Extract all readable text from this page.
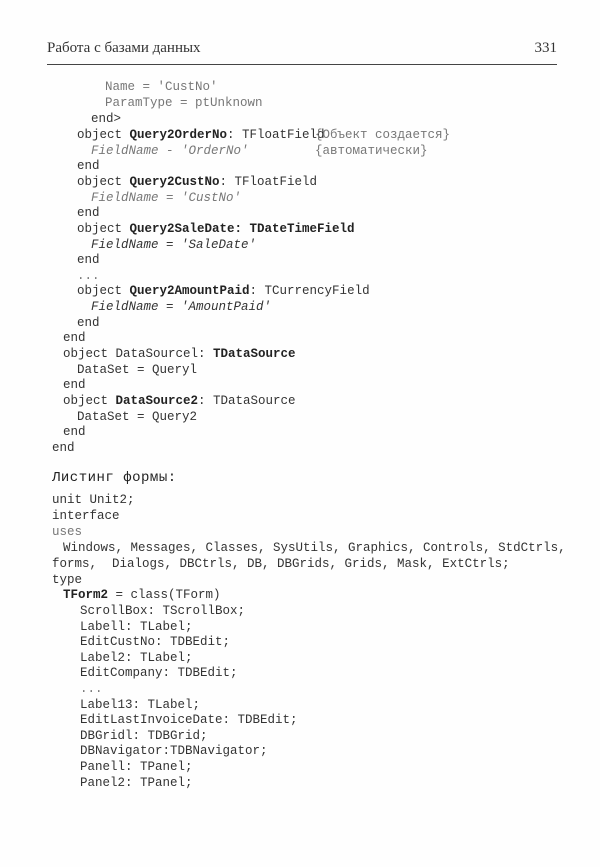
Работа с базами данных	331
Name = 'CustNo'
ParamType = ptUnknown
end>
object Query2OrderNo: TFloatField
{Объект создается}
FieldName - 'OrderNo'	{автоматически}
end
object Query2CustNo: TFloatField
FieldName = 'CustNo'
end
object Query2SaleDate: TDateTimeField
FieldName = 'SaleDate'
end
...
object Query2AmountPaid: TCurrencyField
FieldName = 'AmountPaid'
end
end
object DataSourcel: TDataSource
DataSet = Queryl
end
object DataSource2: TDataSource
DataSet = Query2
end
end
unit Unit2;
interface
uses
Windows, Messages, Classes, SysUtils, Graphics, Controls, StdCtrls,
forms,  Dialogs, DBCtrls, DB, DBGrids, Grids, Mask, ExtCtrls;
type
TForm2 = class(TForm)
ScrollBox: TScrollBox;
Labell: TLabel;
EditCustNo: TDBEdit;
Label2: TLabel;
EditCompany: TDBEdit;
...
Label13: TLabel;
EditLastInvoiceDate: TDBEdit;
DBGridl: TDBGrid;
DBNavigator:TDBNavigator;
Panell: TPanel;
Panel2: TPanel;
Листинг формы:
